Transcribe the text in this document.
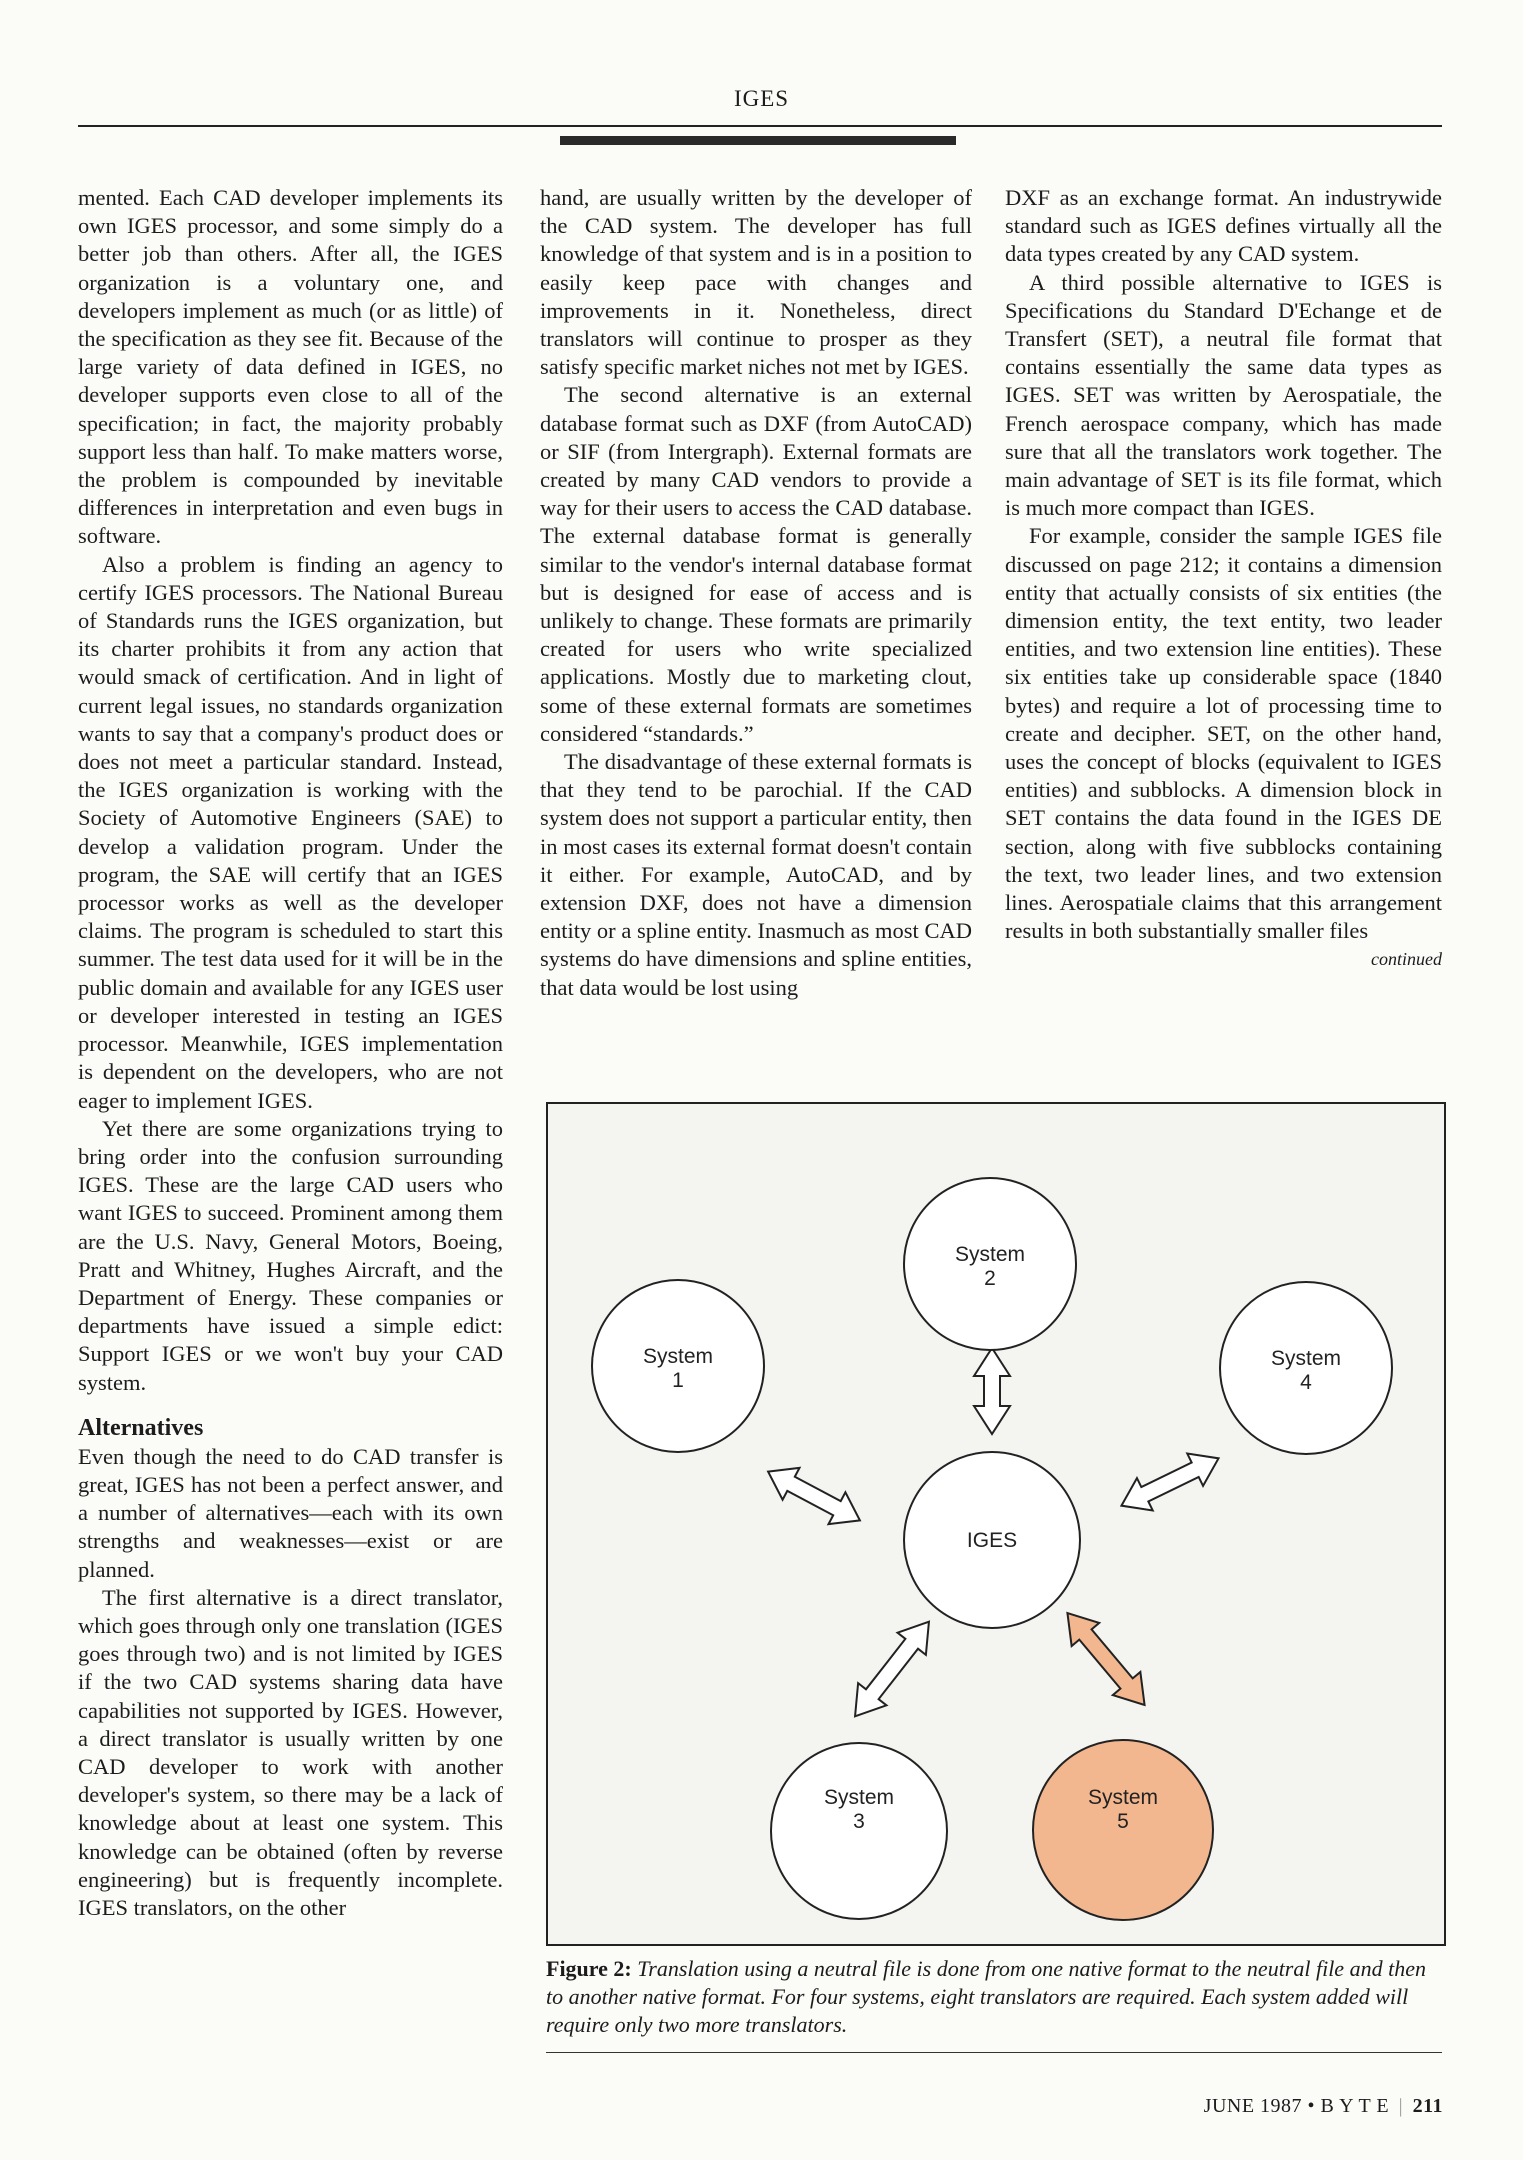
IGES

mented. Each CAD developer implements its own IGES processor, and some simply do a better job than others. After all, the IGES organization is a voluntary one, and developers implement as much (or as little) of the specification as they see fit. Because of the large variety of data defined in IGES, no developer supports even close to all of the specification; in fact, the majority probably support less than half. To make matters worse, the problem is compounded by inevitable differences in interpretation and even bugs in software.

Also a problem is finding an agency to certify IGES processors. The National Bureau of Standards runs the IGES organization, but its charter prohibits it from any action that would smack of certification. And in light of current legal issues, no standards organization wants to say that a company's product does or does not meet a particular standard. Instead, the IGES organization is working with the Society of Automotive Engineers (SAE) to develop a validation program. Under the program, the SAE will certify that an IGES processor works as well as the developer claims. The program is scheduled to start this summer. The test data used for it will be in the public domain and available for any IGES user or developer interested in testing an IGES processor. Meanwhile, IGES implementation is dependent on the developers, who are not eager to implement IGES.

Yet there are some organizations trying to bring order into the confusion surrounding IGES. These are the large CAD users who want IGES to succeed. Prominent among them are the U.S. Navy, General Motors, Boeing, Pratt and Whitney, Hughes Aircraft, and the Department of Energy. These companies or departments have issued a simple edict: Support IGES or we won't buy your CAD system.

Alternatives

Even though the need to do CAD transfer is great, IGES has not been a perfect answer, and a number of alternatives—each with its own strengths and weaknesses—exist or are planned.

The first alternative is a direct translator, which goes through only one translation (IGES goes through two) and is not limited by IGES if the two CAD systems sharing data have capabilities not supported by IGES. However, a direct translator is usually written by one CAD developer to work with another developer's system, so there may be a lack of knowledge about at least one system. This knowledge can be obtained (often by reverse engineering) but is frequently incomplete. IGES translators, on the other

hand, are usually written by the developer of the CAD system. The developer has full knowledge of that system and is in a position to easily keep pace with changes and improvements in it. Nonetheless, direct translators will continue to prosper as they satisfy specific market niches not met by IGES.

The second alternative is an external database format such as DXF (from AutoCAD) or SIF (from Intergraph). External formats are created by many CAD vendors to provide a way for their users to access the CAD database. The external database format is generally similar to the vendor's internal database format but is designed for ease of access and is unlikely to change. These formats are primarily created for users who write specialized applications. Mostly due to marketing clout, some of these external formats are sometimes considered “standards.”

The disadvantage of these external formats is that they tend to be parochial. If the CAD system does not support a particular entity, then in most cases its external format doesn't contain it either. For example, AutoCAD, and by extension DXF, does not have a dimension entity or a spline entity. Inasmuch as most CAD systems do have dimensions and spline entities, that data would be lost using

DXF as an exchange format. An industrywide standard such as IGES defines virtually all the data types created by any CAD system.

A third possible alternative to IGES is Specifications du Standard D'Echange et de Transfert (SET), a neutral file format that contains essentially the same data types as IGES. SET was written by Aerospatiale, the French aerospace company, which has made sure that all the translators work together. The main advantage of SET is its file format, which is much more compact than IGES.

For example, consider the sample IGES file discussed on page 212; it contains a dimension entity that actually consists of six entities (the dimension entity, the text entity, two leader entities, and two extension line entities). These six entities take up considerable space (1840 bytes) and require a lot of processing time to create and decipher. SET, on the other hand, uses the concept of blocks (equivalent to IGES entities) and subblocks. A dimension block in SET contains the data found in the IGES DE section, along with five subblocks containing the text, two leader lines, and two extension lines. Aerospatiale claims that this arrangement results in both substantially smaller files

continued

IGES
System
2
System
1
System
4
System
3
System
5
Figure 2: Translation using a neutral file is done from one native format to the neutral file and then to another native format. For four systems, eight translators are required. Each system added will require only two more translators.
JUNE 1987 • B Y T E | 211
